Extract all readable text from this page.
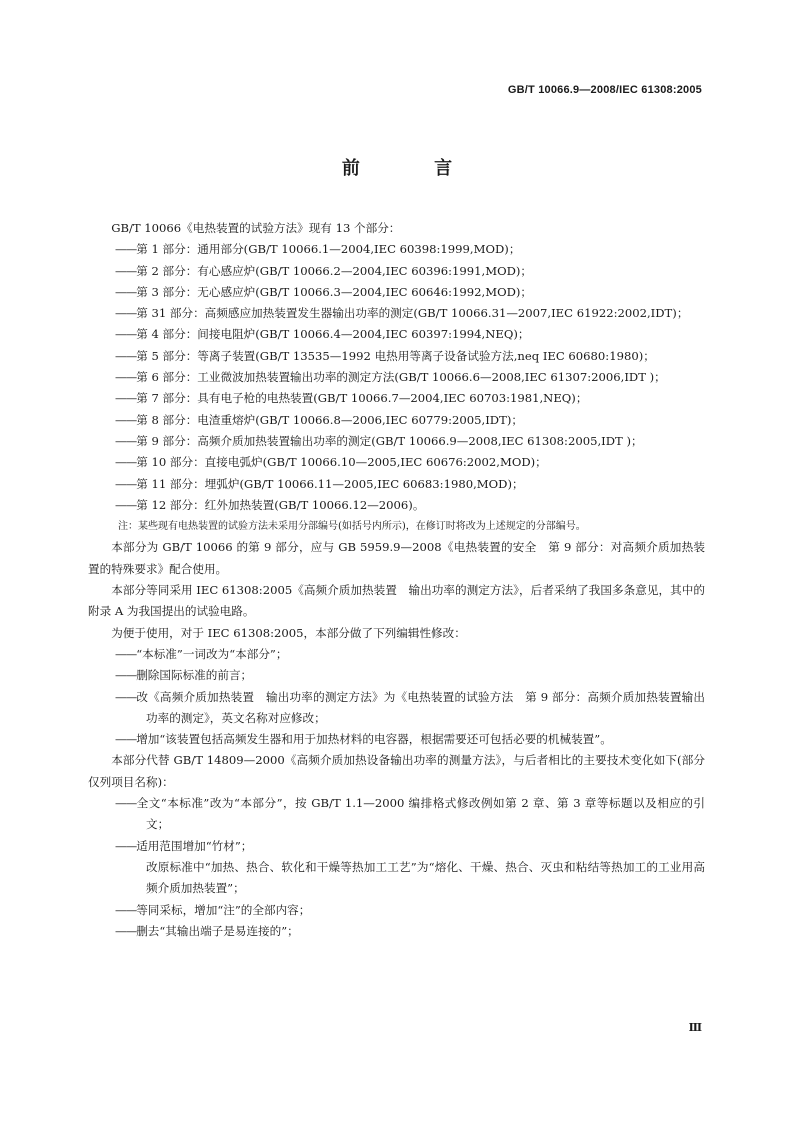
GB/T 10066.9—2008/IEC 61308:2005
前 言

GB/T 10066《电热装置的试验方法》现有 13 个部分：

—— 第 1 部分：通用部分(GB/T 10066.1—2004,IEC 60398:1999,MOD)；

—— 第 2 部分：有心感应炉(GB/T 10066.2—2004,IEC 60396:1991,MOD)；

—— 第 3 部分：无心感应炉(GB/T 10066.3—2004,IEC 60646:1992,MOD)；

—— 第 31 部分：高频感应加热装置发生器输出功率的测定(GB/T 10066.31—2007,IEC 61922:2002,IDT)；

—— 第 4 部分：间接电阻炉(GB/T 10066.4—2004,IEC 60397:1994,NEQ)；

—— 第 5 部分：等离子装置(GB/T 13535—1992 电热用等离子设备试验方法,neq IEC 60680:1980)；

—— 第 6 部分：工业微波加热装置输出功率的测定方法(GB/T 10066.6—2008,IEC 61307:2006,IDT )；

—— 第 7 部分：具有电子枪的电热装置(GB/T 10066.7—2004,IEC 60703:1981,NEQ)；

—— 第 8 部分：电渣重熔炉(GB/T 10066.8—2006,IEC 60779:2005,IDT)；

—— 第 9 部分：高频介质加热装置输出功率的测定(GB/T 10066.9—2008,IEC 61308:2005,IDT )；

—— 第 10 部分：直接电弧炉(GB/T 10066.10—2005,IEC 60676:2002,MOD)；

—— 第 11 部分：埋弧炉(GB/T 10066.11—2005,IEC 60683:1980,MOD)；

—— 第 12 部分：红外加热装置(GB/T 10066.12—2006)。

注：某些现有电热装置的试验方法未采用分部编号(如括号内所示)，在修订时将改为上述规定的分部编号。

本部分为 GB/T 10066 的第 9 部分，应与 GB 5959.9—2008《电热装置的安全　第 9 部分：对高频介质加热装置的特殊要求》配合使用。

本部分等同采用 IEC 61308:2005《高频介质加热装置　输出功率的测定方法》，后者采纳了我国多条意见，其中的附录 A 为我国提出的试验电路。

为便于使用，对于 IEC 61308:2005，本部分做了下列编辑性修改：

—— “本标准”一词改为“本部分”；

—— 删除国际标准的前言；

—— 改《高频介质加热装置　输出功率的测定方法》为《电热装置的试验方法　第 9 部分：高频介质加热装置输出功率的测定》，英文名称对应修改；

—— 增加“该装置包括高频发生器和用于加热材料的电容器，根据需要还可包括必要的机械装置”。

本部分代替 GB/T 14809—2000《高频介质加热设备输出功率的测量方法》，与后者相比的主要技术变化如下(部分仅列项目名称)：

—— 全文“本标准”改为“本部分”，按 GB/T 1.1—2000 编排格式修改例如第 2 章、第 3 章等标题以及相应的引文；

—— 适用范围增加“竹材”；

改原标准中“加热、热合、软化和干燥等热加工工艺”为“熔化、干燥、热合、灭虫和粘结等热加工的工业用高频介质加热装置”；

—— 等同采标，增加“注”的全部内容；

—— 删去“其输出端子是易连接的”；

Ⅲ
